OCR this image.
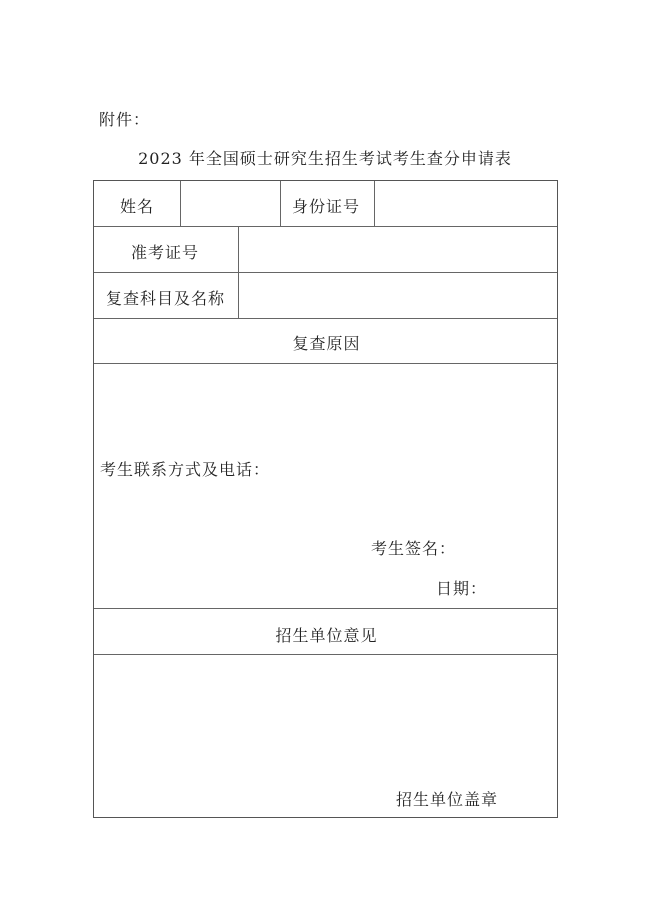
附件：
2023 年全国硕士研究生招生考试考生查分申请表
姓名	身份证号
准考证号
复查科目及名称
复查原因
考生联系方式及电话：
考生签名：
日期：
招生单位意见
招生单位盖章
